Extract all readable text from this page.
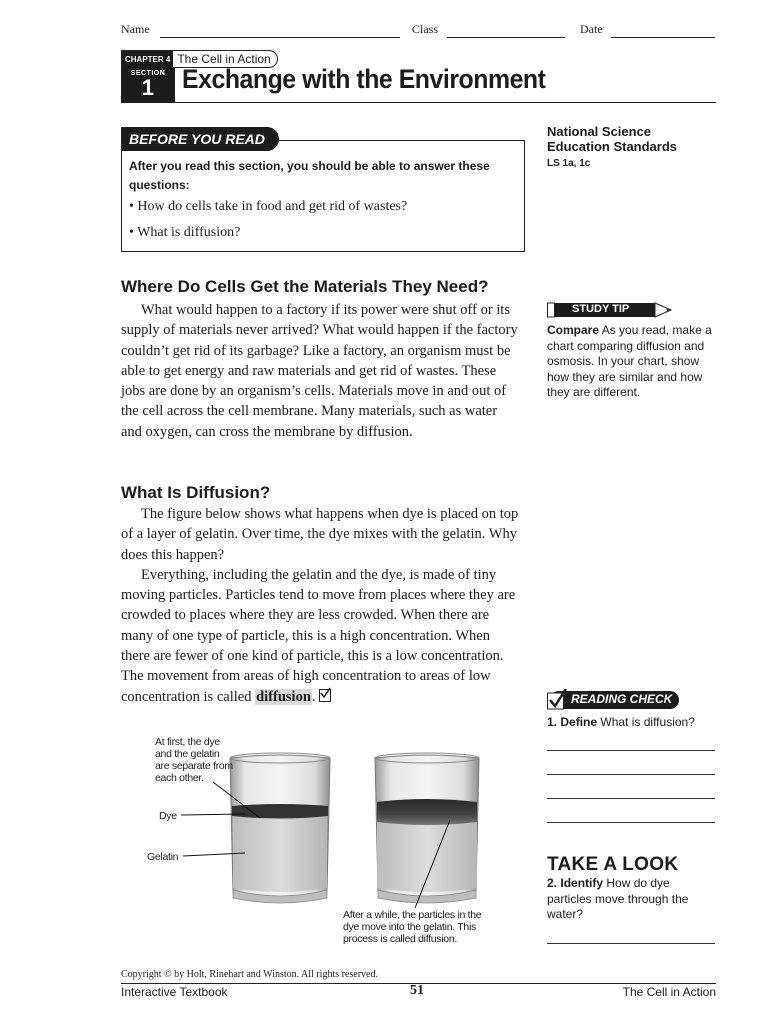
Name	Class	Date
CHAPTER 4 The Cell in Action
SECTION
1	Exchange with the Environment
BEFORE YOU READ
After you read this section, you should be able to answer these questions:
• How do cells take in food and get rid of wastes?
• What is diffusion?
National Science
Education Standards
LS 1a, 1c
STUDY TIP
Compare As you read, make a chart comparing diffusion and osmosis. In your chart, show how they are similar and how they are different.
READING CHECK
1. Define What is diffusion?
TAKE A LOOK
2. Identify How do dye particles move through the water?
Where Do Cells Get the Materials They Need?

What would happen to a factory if its power were shut off or its supply of materials never arrived? What would happen if the factory couldn’t get rid of its garbage? Like a factory, an organism must be able to get energy and raw materials and get rid of wastes. These jobs are done by an organism’s cells. Materials move in and out of the cell across the cell membrane. Many materials, such as water and oxygen, can cross the membrane by diffusion.

What Is Diffusion?

The figure below shows what happens when dye is placed on top of a layer of gelatin. Over time, the dye mixes with the gelatin. Why does this happen?

Everything, including the gelatin and the dye, is made of tiny moving particles. Particles tend to move from places where they are crowded to places where they are less crowded. When there are many of one type of particle, this is a high concentration. When there are fewer of one kind of particle, this is a low concentration. The movement from areas of high concentration to areas of low concentration is called diffusion.

At first, the dye and the gelatin are separate from each other.
Dye
Gelatin
After a while, the particles in the dye move into the gelatin. This process is called diffusion.
Copyright © by Holt, Rinehart and Winston. All rights reserved.
Interactive Textbook	51	The Cell in Action
